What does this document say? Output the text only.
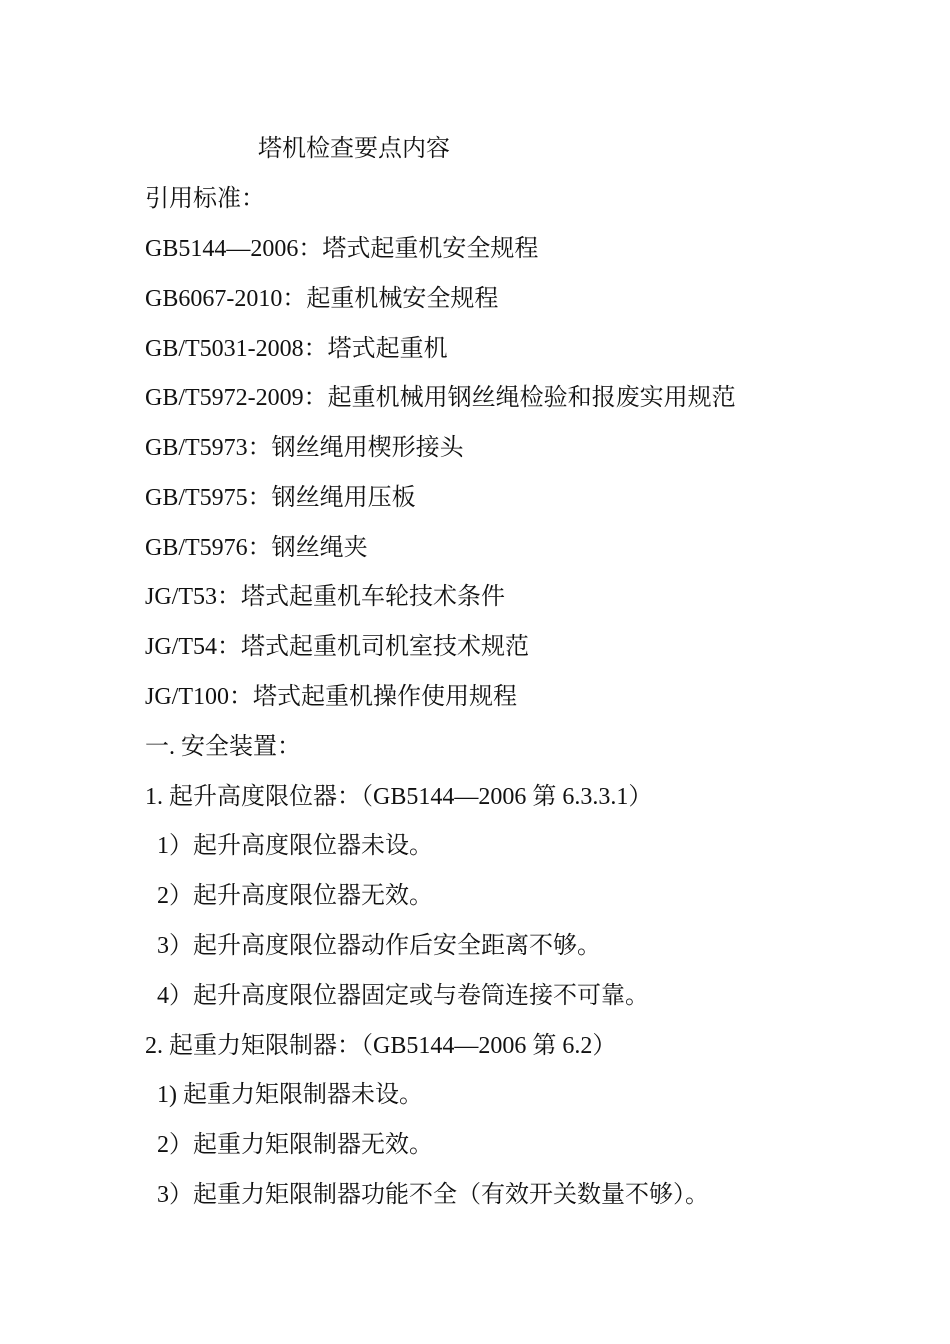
塔机检查要点内容
引用标准：
GB5144—2006：塔式起重机安全规程
GB6067-2010：起重机械安全规程
GB/T5031-2008：塔式起重机
GB/T5972-2009：起重机械用钢丝绳检验和报废实用规范
GB/T5973：钢丝绳用楔形接头
GB/T5975：钢丝绳用压板
GB/T5976：钢丝绳夹
JG/T53：塔式起重机车轮技术条件
JG/T54：塔式起重机司机室技术规范
JG/T100：塔式起重机操作使用规程
一. 安全装置：
1. 起升高度限位器：（GB5144—2006 第 6.3.3.1）
1）起升高度限位器未设。
2）起升高度限位器无效。
3）起升高度限位器动作后安全距离不够。
4）起升高度限位器固定或与卷筒连接不可靠。
2. 起重力矩限制器：（GB5144—2006 第 6.2）
1) 起重力矩限制器未设。
2）起重力矩限制器无效。
3）起重力矩限制器功能不全（有效开关数量不够）。
